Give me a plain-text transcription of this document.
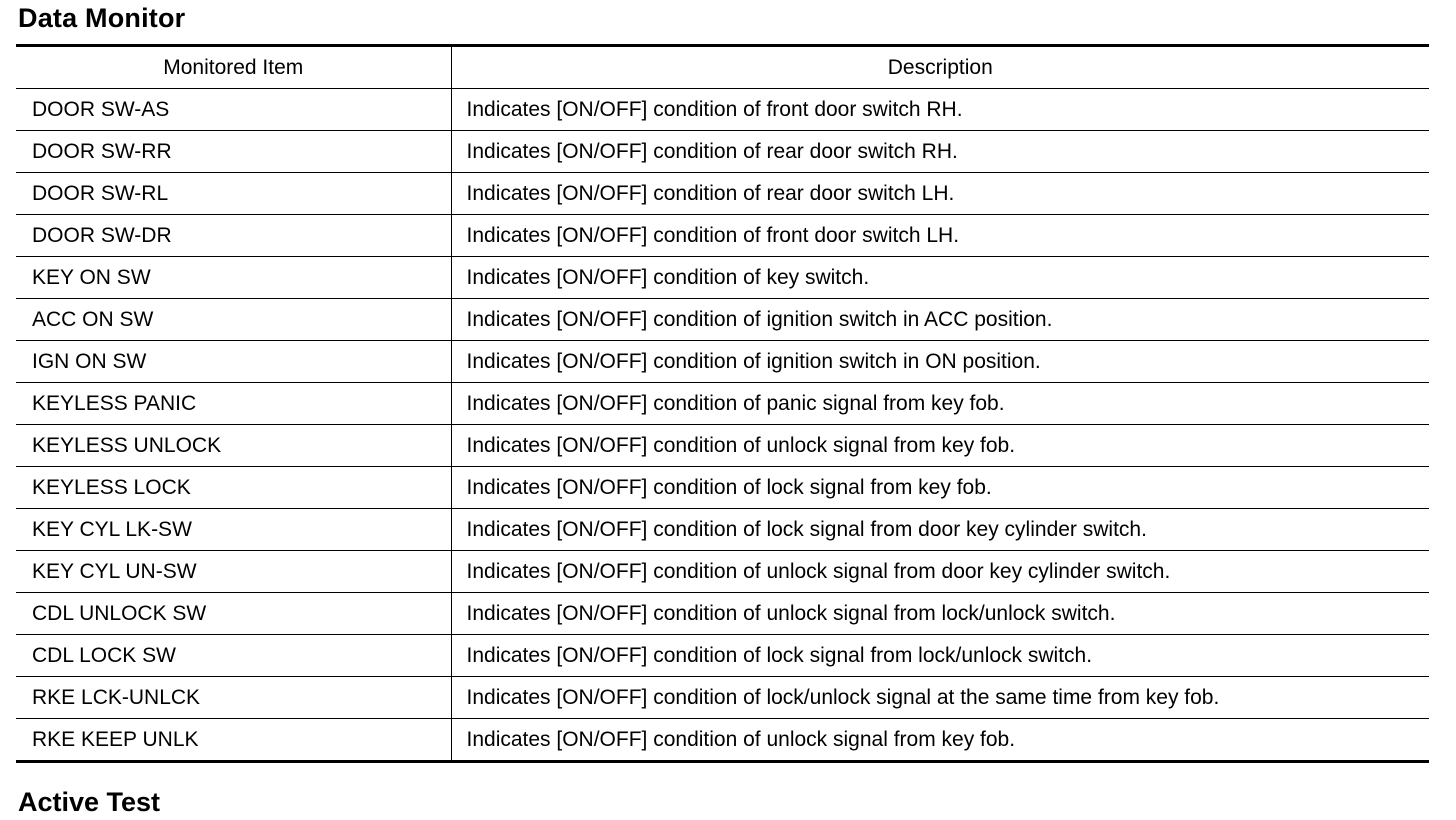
Data Monitor
Monitored Item	Description
DOOR SW-AS	Indicates [ON/OFF] condition of front door switch RH.
DOOR SW-RR	Indicates [ON/OFF] condition of rear door switch RH.
DOOR SW-RL	Indicates [ON/OFF] condition of rear door switch LH.
DOOR SW-DR	Indicates [ON/OFF] condition of front door switch LH.
KEY ON SW	Indicates [ON/OFF] condition of key switch.
ACC ON SW	Indicates [ON/OFF] condition of ignition switch in ACC position.
IGN ON SW	Indicates [ON/OFF] condition of ignition switch in ON position.
KEYLESS PANIC	Indicates [ON/OFF] condition of panic signal from key fob.
KEYLESS UNLOCK	Indicates [ON/OFF] condition of unlock signal from key fob.
KEYLESS LOCK	Indicates [ON/OFF] condition of lock signal from key fob.
KEY CYL LK-SW	Indicates [ON/OFF] condition of lock signal from door key cylinder switch.
KEY CYL UN-SW	Indicates [ON/OFF] condition of unlock signal from door key cylinder switch.
CDL UNLOCK SW	Indicates [ON/OFF] condition of unlock signal from lock/unlock switch.
CDL LOCK SW	Indicates [ON/OFF] condition of lock signal from lock/unlock switch.
RKE LCK-UNLCK	Indicates [ON/OFF] condition of lock/unlock signal at the same time from key fob.
RKE KEEP UNLK	Indicates [ON/OFF] condition of unlock signal from key fob.
Active Test
